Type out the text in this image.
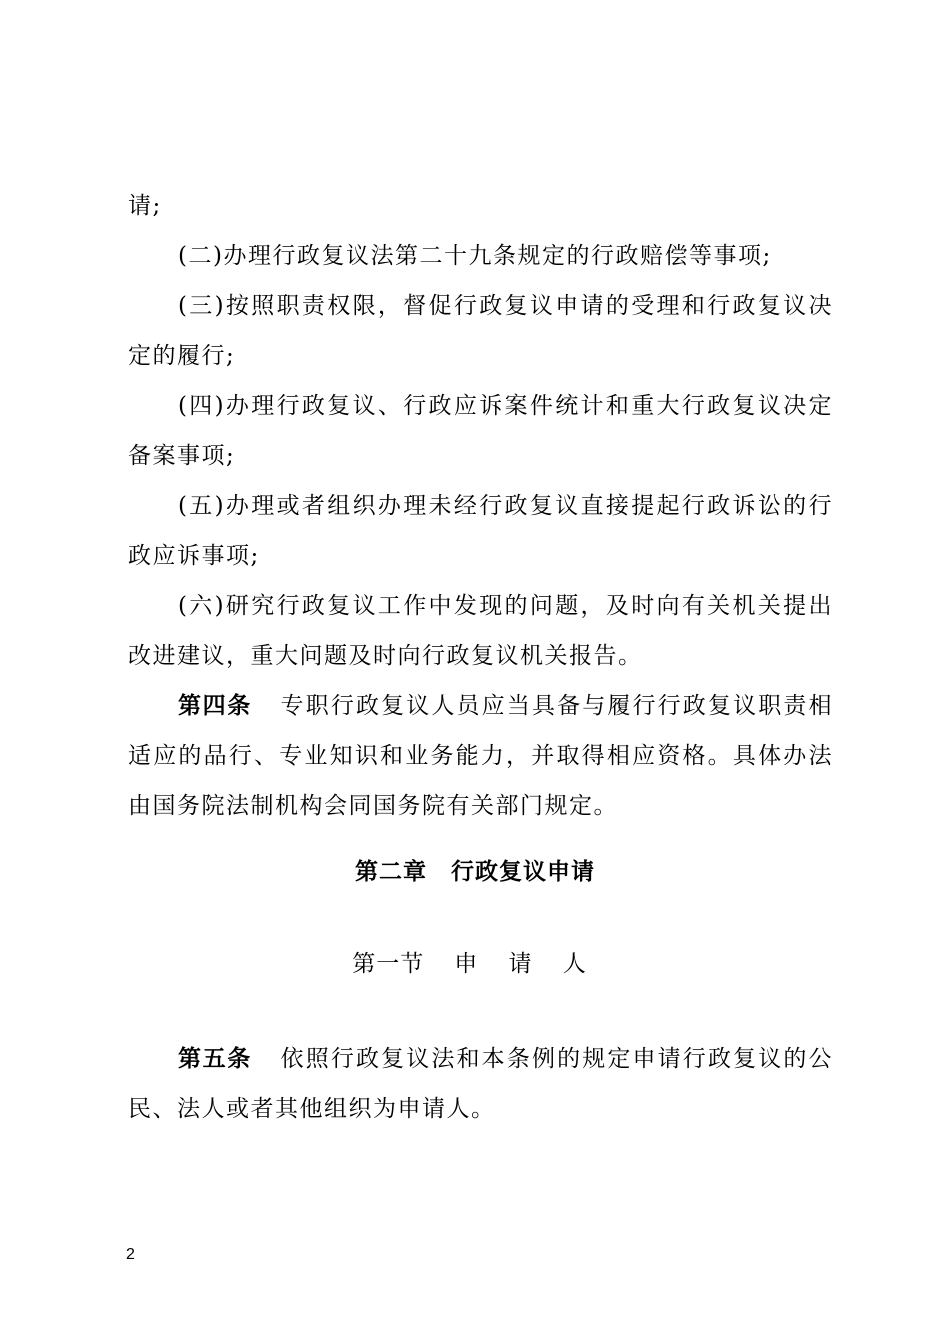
请;
(二)办理行政复议法第二十九条规定的行政赔偿等事项;
(三)按照职责权限，督促行政复议申请的受理和行政复议决定的履行;
(四)办理行政复议、行政应诉案件统计和重大行政复议决定备案事项;
(五)办理或者组织办理未经行政复议直接提起行政诉讼的行政应诉事项;
(六)研究行政复议工作中发现的问题，及时向有关机关提出改进建议，重大问题及时向行政复议机关报告。
第四条 专职行政复议人员应当具备与履行行政复议职责相适应的品行、专业知识和业务能力，并取得相应资格。具体办法由国务院法制机构会同国务院有关部门规定。
第二章 行政复议申请
第一节 申 请 人
第五条 依照行政复议法和本条例的规定申请行政复议的公民、法人或者其他组织为申请人。
2
